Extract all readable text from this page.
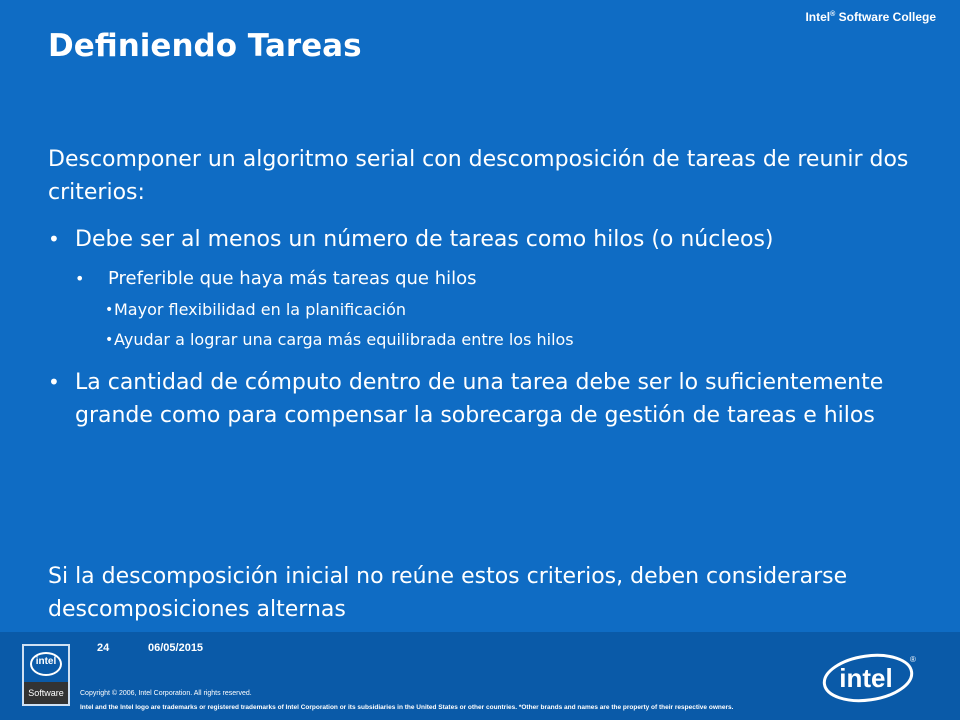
Intel® Software College
Definiendo Tareas

Descomponer un algoritmo serial con descomposición de tareas de reunir dos criterios:

• Debe ser al menos un número de tareas como hilos (o núcleos)
• Preferible que haya más tareas que hilos
• Mayor flexibilidad en la planificación
• Ayudar a lograr una carga más equilibrada entre los hilos
• La cantidad de cómputo dentro de una tarea debe ser lo suficientemente grande como para compensar la sobrecarga de gestión de tareas e hilos

Si la descomposición inicial no reúne estos criterios, deben considerarse descomposiciones alternas

intel
Software
24	06/05/2015
Copyright © 2006, Intel Corporation. All rights reserved.
Intel and the Intel logo are trademarks or registered trademarks of Intel Corporation or its subsidiaries in the United States or other countries. *Other brands and names are the property of their respective owners.
intel
®
